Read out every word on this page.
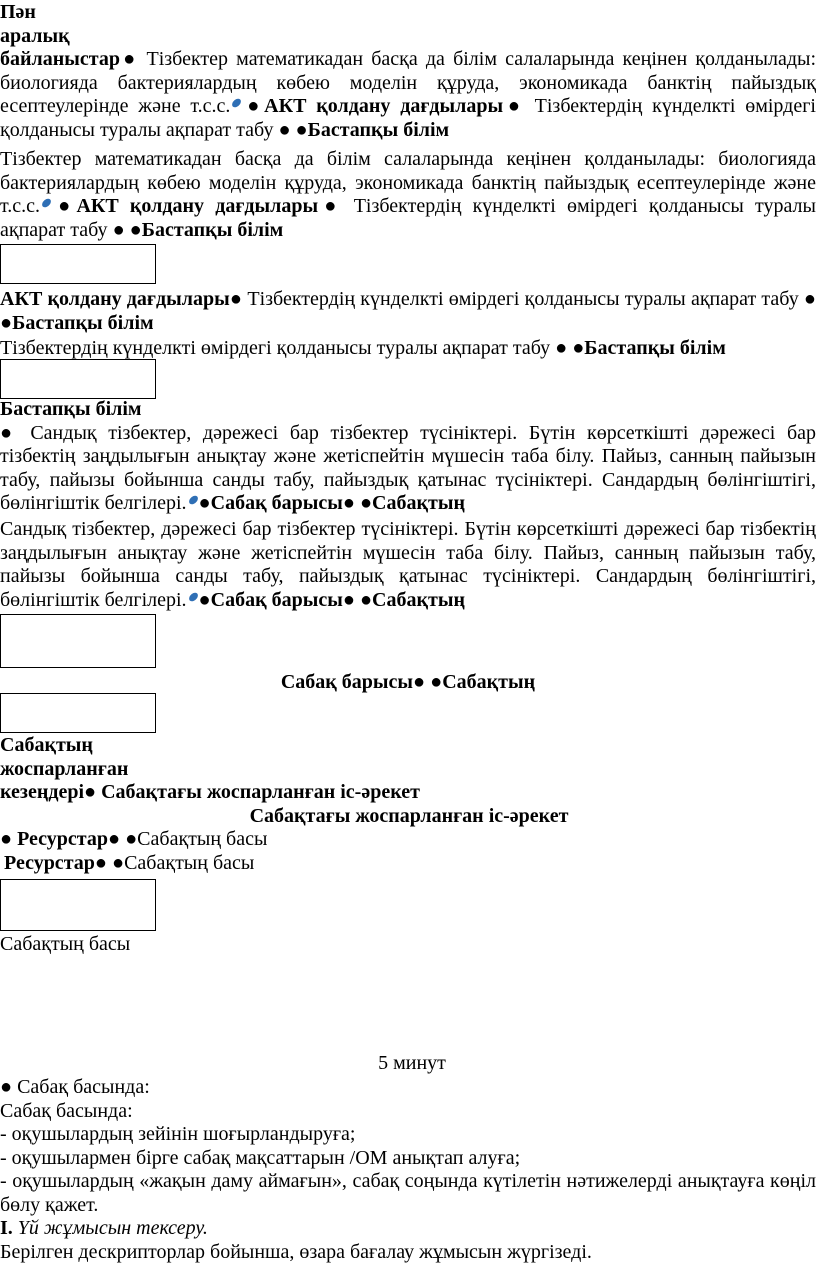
Пән
аралық
байланыстар● Тізбектер математикадан басқа да білім салаларында кеңінен қолданылады: биологияда бактериялардың көбею моделін құруда, экономикада банктің пайыздық есептеулерінде және т.с.с. ●АКТ қолдану дағдылары● Тізбектердің күнделкті өмірдегі қолданысы туралы ақпарат табу ● ●Бастапқы білім
Тізбектер математикадан басқа да білім салаларында кеңінен қолданылады: биологияда бактериялардың көбею моделін құруда, экономикада банктің пайыздық есептеулерінде және т.с.с. ●АКТ қолдану дағдылары● Тізбектердің күнделкті өмірдегі қолданысы туралы ақпарат табу ● ●Бастапқы білім
АКТ қолдану дағдылары● Тізбектердің күнделкті өмірдегі қолданысы туралы ақпарат табу ● ●Бастапқы білім
Тізбектердің күнделкті өмірдегі қолданысы туралы ақпарат табу ● ●Бастапқы білім
Бастапқы білім
● Сандық тізбектер, дәрежесі бар тізбектер түсініктері. Бүтін көрсеткішті дәрежесі бар тізбектің заңдылығын анықтау және жетіспейтін мүшесін таба білу. Пайыз, санның пайызын табу, пайызы бойынша санды табу, пайыздық қатынас түсініктері. Сандардың бөлінгіштігі, бөлінгіштік белгілері. ●Сабақ барысы● ●Сабақтың
Сандық тізбектер, дәрежесі бар тізбектер түсініктері. Бүтін көрсеткішті дәрежесі бар тізбектің заңдылығын анықтау және жетіспейтін мүшесін таба білу. Пайыз, санның пайызын табу, пайызы бойынша санды табу, пайыздық қатынас түсініктері. Сандардың бөлінгіштігі, бөлінгіштік белгілері. ●Сабақ барысы● ●Сабақтың
Сабақ барысы● ●Сабақтың
Сабақтың
жоспарланған
кезеңдері● Сабақтағы жоспарланған іс-әрекет
Сабақтағы жоспарланған іс-әрекет
● Ресурстар● ●Сабақтың басы
Ресурстар● ●Сабақтың басы
Сабақтың басы
5 минут
● Сабақ басында:
Сабақ басында:
- оқушылардың зейінін шоғырландыруға;
- оқушылармен бірге сабақ мақсаттарын /ОМ анықтап алуға;
- оқушылардың «жақын даму аймағын», сабақ соңында күтілетін нәтижелерді анықтауға көңіл бөлу қажет.
I. Үй жұмысын тексеру.
Берілген дескрипторлар бойынша, өзара бағалау жұмысын жүргізеді.
